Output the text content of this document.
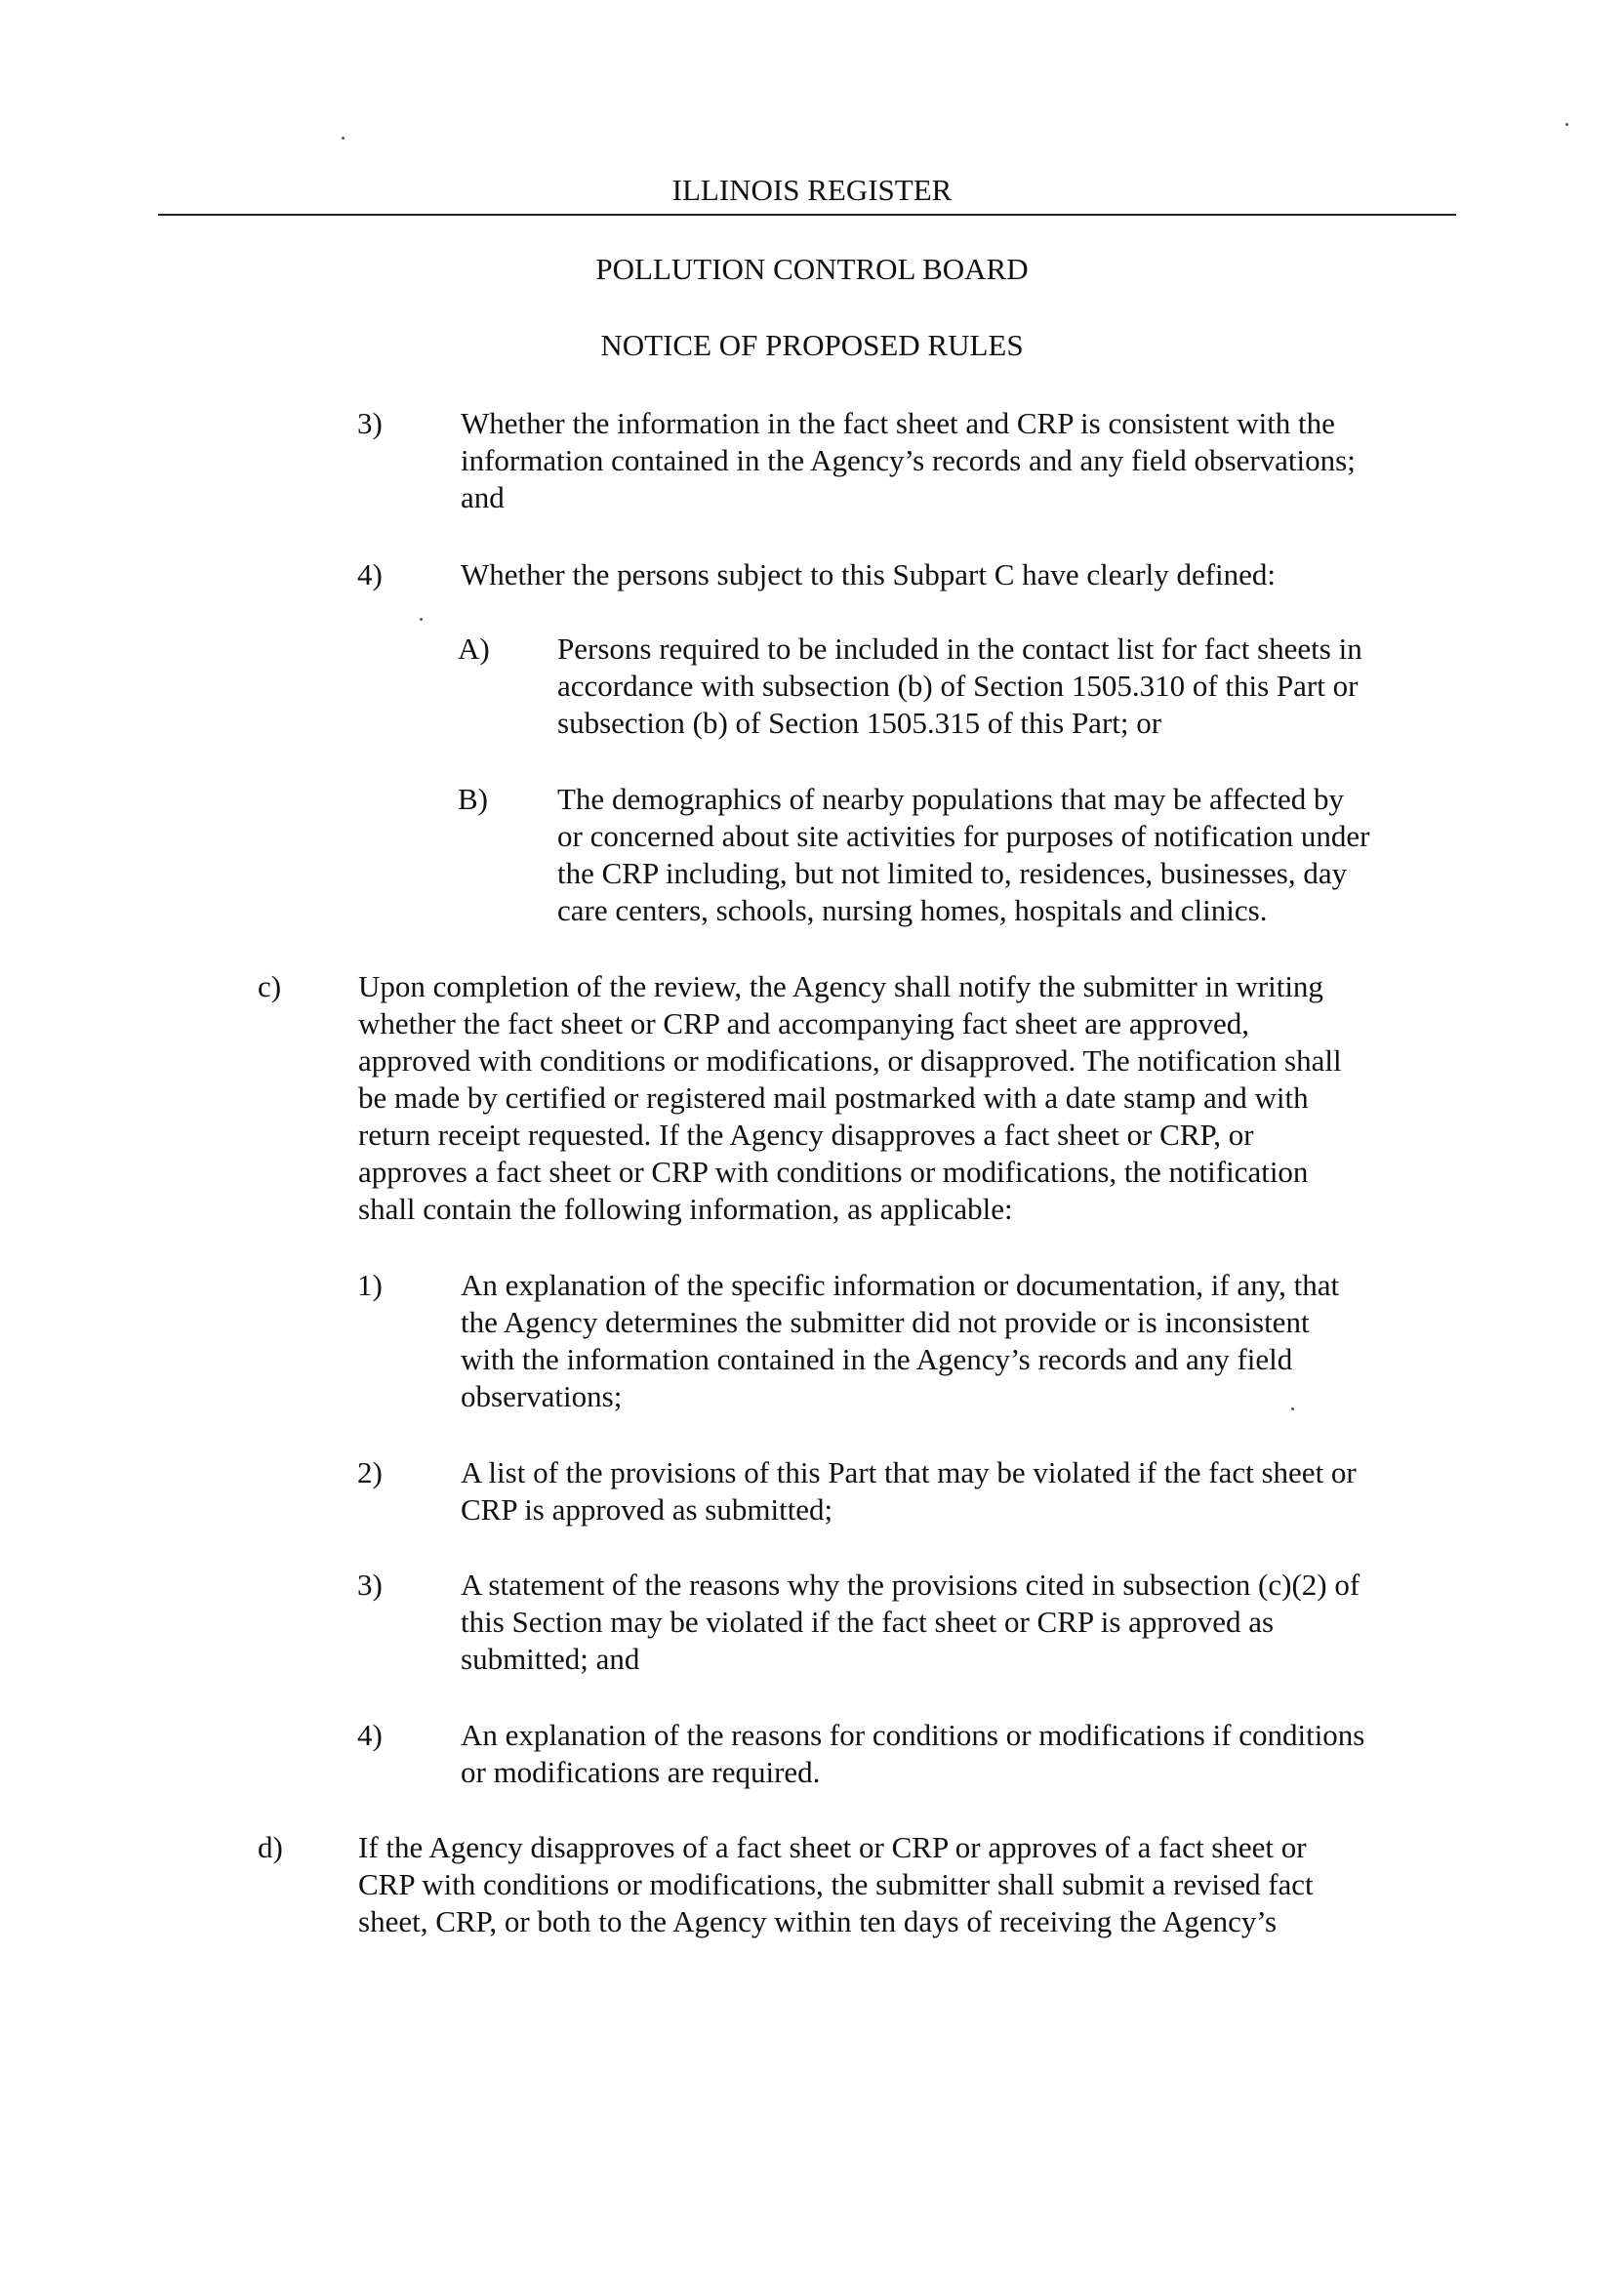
ILLINOIS REGISTER
POLLUTION CONTROL BOARD
NOTICE OF PROPOSED RULES
3)	Whether the information in the fact sheet and CRP is consistent with the
information contained in the Agency’s records and any field observations;
and
4)	Whether the persons subject to this Subpart C have clearly defined:
A) Persons required to be included in the contact list for fact sheets in
accordance with subsection (b) of Section 1505.310 of this Part or
subsection (b) of Section 1505.315 of this Part; or
B) The demographics of nearby populations that may be affected by
or concerned about site activities for purposes of notification under
the CRP including, but not limited to, residences, businesses, day
care centers, schools, nursing homes, hospitals and clinics.
c)	Upon completion of the review, the Agency shall notify the submitter in writing
whether the fact sheet or CRP and accompanying fact sheet are approved,
approved with conditions or modifications, or disapproved. The notification shall
be made by certified or registered mail postmarked with a date stamp and with
return receipt requested. If the Agency disapproves a fact sheet or CRP, or
approves a fact sheet or CRP with conditions or modifications, the notification
shall contain the following information, as applicable:
1)	An explanation of the specific information or documentation, if any, that
the Agency determines the submitter did not provide or is inconsistent
with the information contained in the Agency’s records and any field
observations;
2)	A list of the provisions of this Part that may be violated if the fact sheet or
CRP is approved as submitted;
3)	A statement of the reasons why the provisions cited in subsection (c)(2) of
this Section may be violated if the fact sheet or CRP is approved as
submitted; and
4)	An explanation of the reasons for conditions or modifications if conditions
or modifications are required.
d) If the Agency disapproves of a fact sheet or CRP or approves of a fact sheet or
CRP with conditions or modifications, the submitter shall submit a revised fact
sheet, CRP, or both to the Agency within ten days of receiving the Agency’s
